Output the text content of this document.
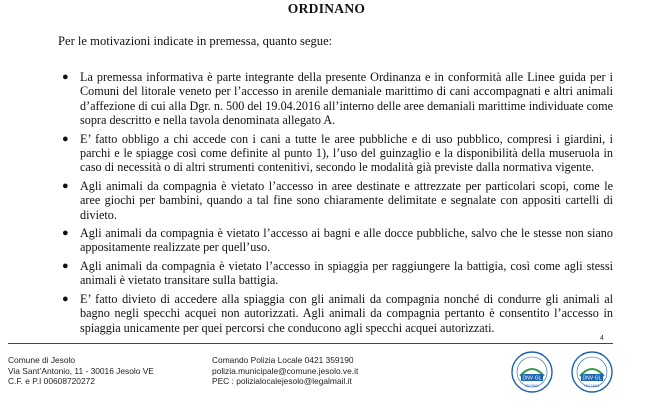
ORDINANO
Per le motivazioni indicate in premessa, quanto segue:
● La premessa informativa è parte integrante della presente Ordinanza e in conformità alle Linee guida per i Comuni del litorale veneto per l’accesso in arenile demaniale marittimo di cani accompagnati e altri animali d’affezione di cui alla Dgr. n. 500 del 19.04.2016 all’interno delle aree demaniali marittime individuate come sopra descritto e nella tavola denominata allegato A.
● E’ fatto obbligo a chi accede con i cani a tutte le aree pubbliche e di uso pubblico, compresi i giardini, i parchi e le spiagge così come definite al punto 1), l’uso del guinzaglio e la disponibilità della museruola in caso di necessità o di altri strumenti contenitivi, secondo le modalità già previste dalla normativa vigente.
● Agli animali da compagnia è vietato l’accesso in aree destinate e attrezzate per particolari scopi, come le aree giochi per bambini, quando a tal fine sono chiaramente delimitate e segnalate con appositi cartelli di divieto.
● Agli animali da compagnia è vietato l’accesso ai bagni e alle docce pubbliche, salvo che le stesse non siano appositamente realizzate per quell’uso.
● Agli animali da compagnia è vietato l’accesso in spiaggia per raggiungere la battigia, così come agli stessi animali è vietato transitare sulla battigia.
● E’ fatto divieto di accedere alla spiaggia con gli animali da compagnia nonché di condurre gli animali al bagno negli specchi acquei non autorizzati. Agli animali da compagnia pertanto è consentito l’accesso in spiaggia unicamente per quei percorsi che conducono agli specchi acquei autorizzati.
4
Comune di Jesolo
Via Sant’Antonio, 11 - 30016 Jesolo VE
C.F. e P.I 00608720272
Comando Polizia Locale 0421 359190
polizia.municipale@comune.jesolo.ve.it
PEC : polizialocalejesolo@legalmail.it	DNV·GL
ISO 9001
DNV·GL
ISO 14001
